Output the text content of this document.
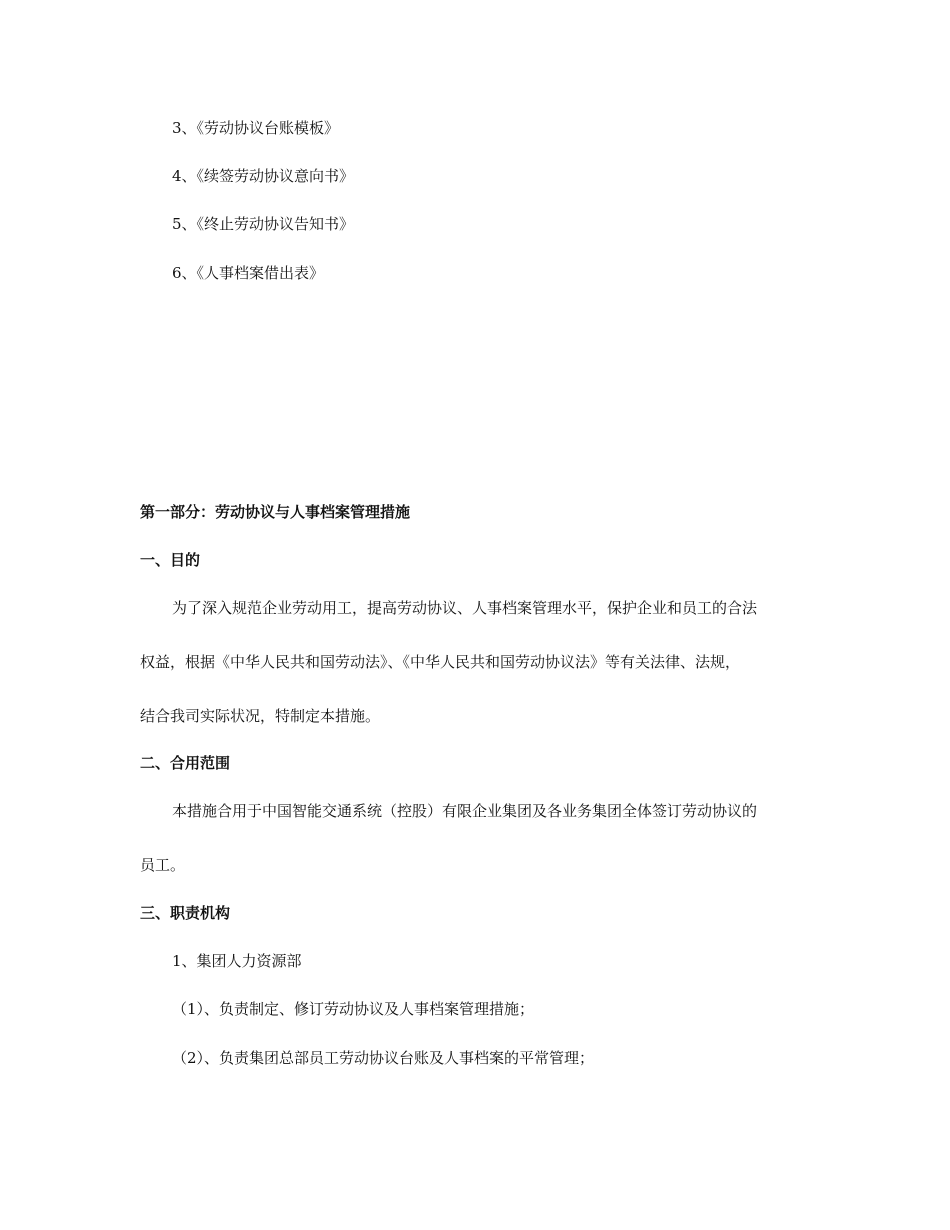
3、《劳动协议台账模板》
4、《续签劳动协议意向书》
5、《终止劳动协议告知书》
6、《人事档案借出表》
第一部分：劳动协议与人事档案管理措施
一、目的
为了深入规范企业劳动用工，提高劳动协议、人事档案管理水平，保护企业和员工的合法
权益，根据《中华人民共和国劳动法》、《中华人民共和国劳动协议法》等有关法律、法规，
结合我司实际状况，特制定本措施。
二、合用范围
本措施合用于中国智能交通系统（控股）有限企业集团及各业务集团全体签订劳动协议的
员工。
三、职责机构
1、集团人力资源部
（1）、负责制定、修订劳动协议及人事档案管理措施；
（2）、负责集团总部员工劳动协议台账及人事档案的平常管理；
